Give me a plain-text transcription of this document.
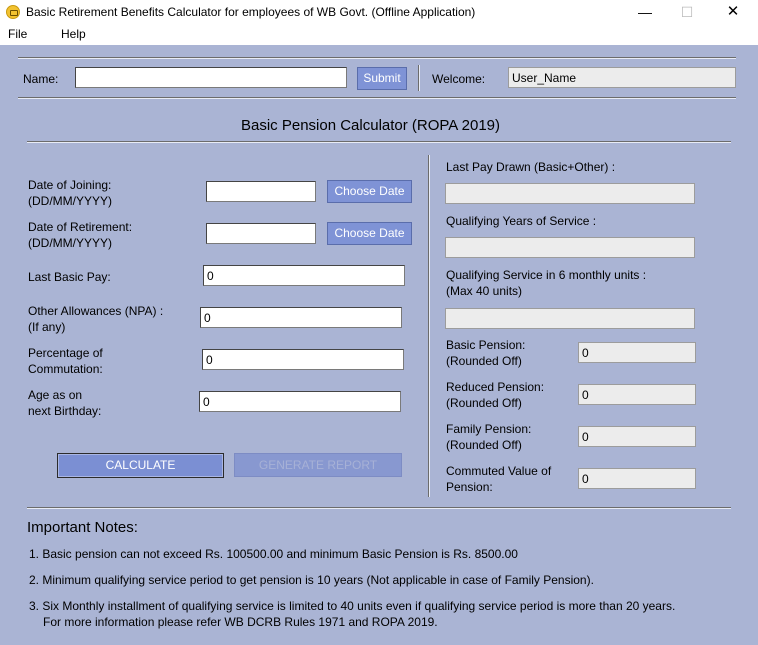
Basic Retirement Benefits Calculator for employees of WB Govt. (Offline Application)	—	☐	✕
File	Help
Name:	Submit	Welcome:
User_Name
Basic Pension Calculator (ROPA 2019)
Date of Joining:
(DD/MM/YYYY)
Choose Date
Date of Retirement:
(DD/MM/YYYY)
Choose Date
Last Basic Pay:
0
Other Allowances (NPA) :
(If any)
0
Percentage of
Commutation:
0
Age as on
next Birthday:
0
CALCULATE	GENERATE REPORT
Last Pay Drawn (Basic+Other) :
Qualifying Years of Service :
Qualifying Service in 6 monthly units :
(Max 40 units)
Basic Pension:
(Rounded Off)
0
Reduced Pension:
(Rounded Off)
0
Family Pension:
(Rounded Off)
0
Commuted Value of
Pension:
0
Important Notes:
1. Basic pension can not exceed Rs. 100500.00 and minimum Basic Pension is Rs. 8500.00
2. Minimum qualifying service period to get pension is 10 years (Not applicable in case of Family Pension).
3. Six Monthly installment of qualifying service is limited to 40 units even if qualifying service period is more than 20 years.
For more information please refer WB DCRB Rules 1971 and ROPA 2019.
